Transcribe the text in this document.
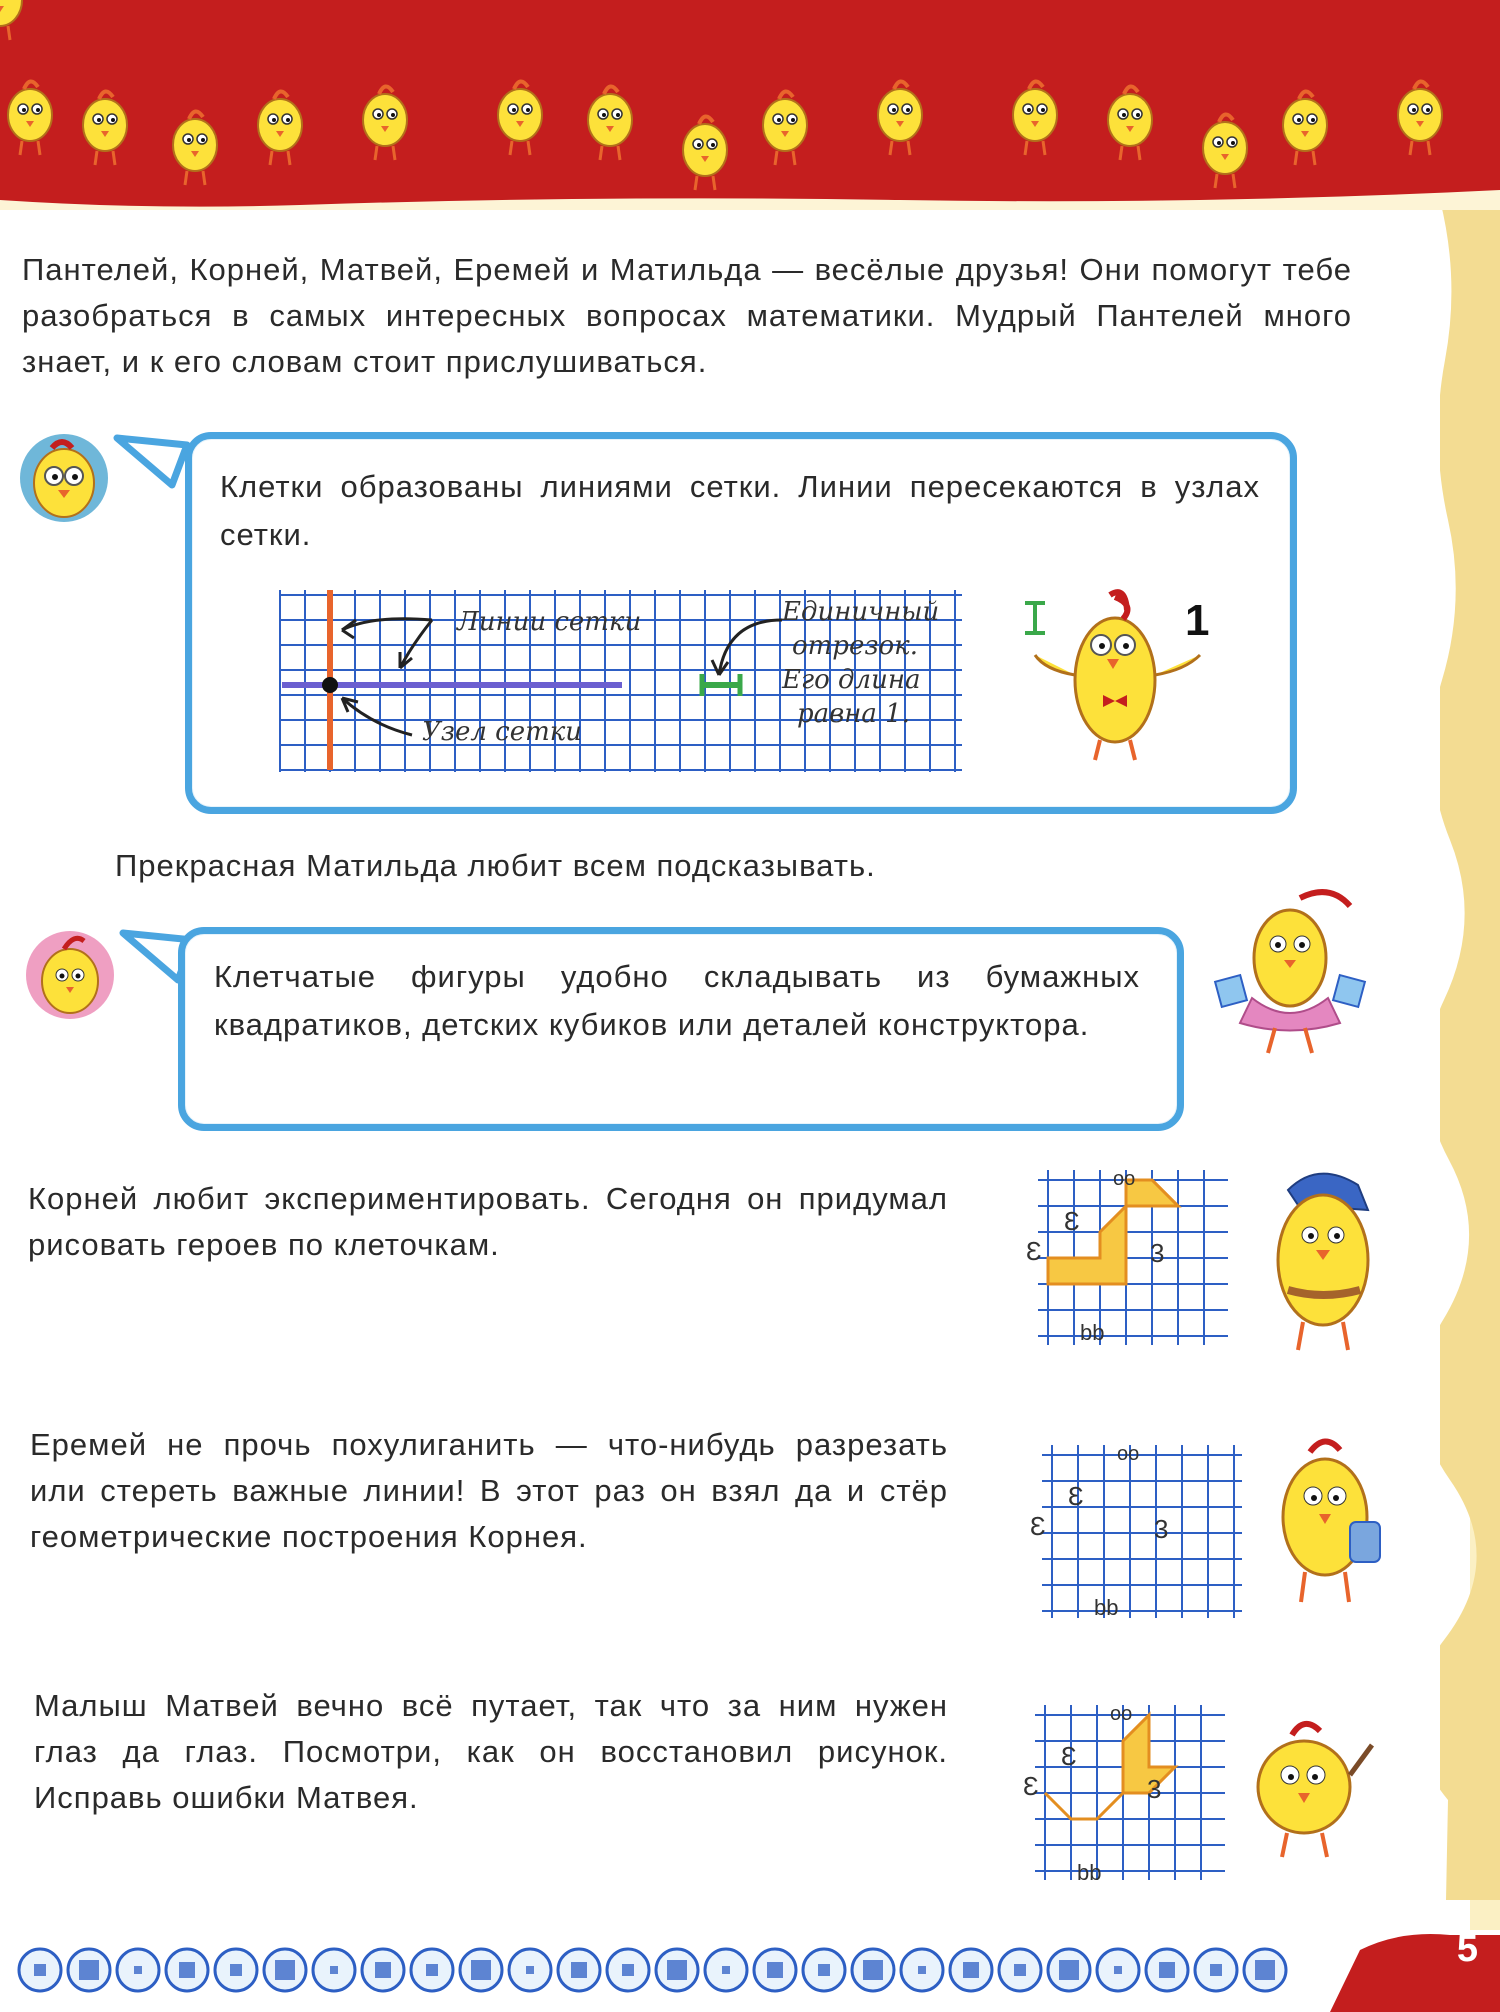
Пантелей, Корней, Матвей, Еремей и Матильда — весёлые друзья! Они помогут тебе разобраться в самых интересных вопросах математики. Мудрый Пантелей много знает, и к его словам стоит прислушиваться.

Клетки образованы линиями сетки. Линии пересекаются в узлах сетки.

Линии сетки
Узел сетки
Единичный
отрезок.
Его длина
равна 1.
1

Прекрасная Матильда любит всем подсказывать.

Клетчатые фигуры удобно складывать из бумажных квадратиков, детских кубиков или деталей конструктора.

Корней любит экспериментировать. Сегодня он придумал рисовать героев по клеточкам.	Ɛ
Ɛ
oo
3
bb

Еремей не прочь похулиганить — что-нибудь разрезать или стереть важные линии! В этот раз он взял да и стёр геометрические построения Корнея.	Ɛ
Ɛ
oo
3
bb

Малыш Матвей вечно всё путает, так что за ним нужен глаз да глаз. Посмотри, как он восстановил рисунок. Исправь ошибки Матвея.	Ɛ
Ɛ
oo
3
bb
5
